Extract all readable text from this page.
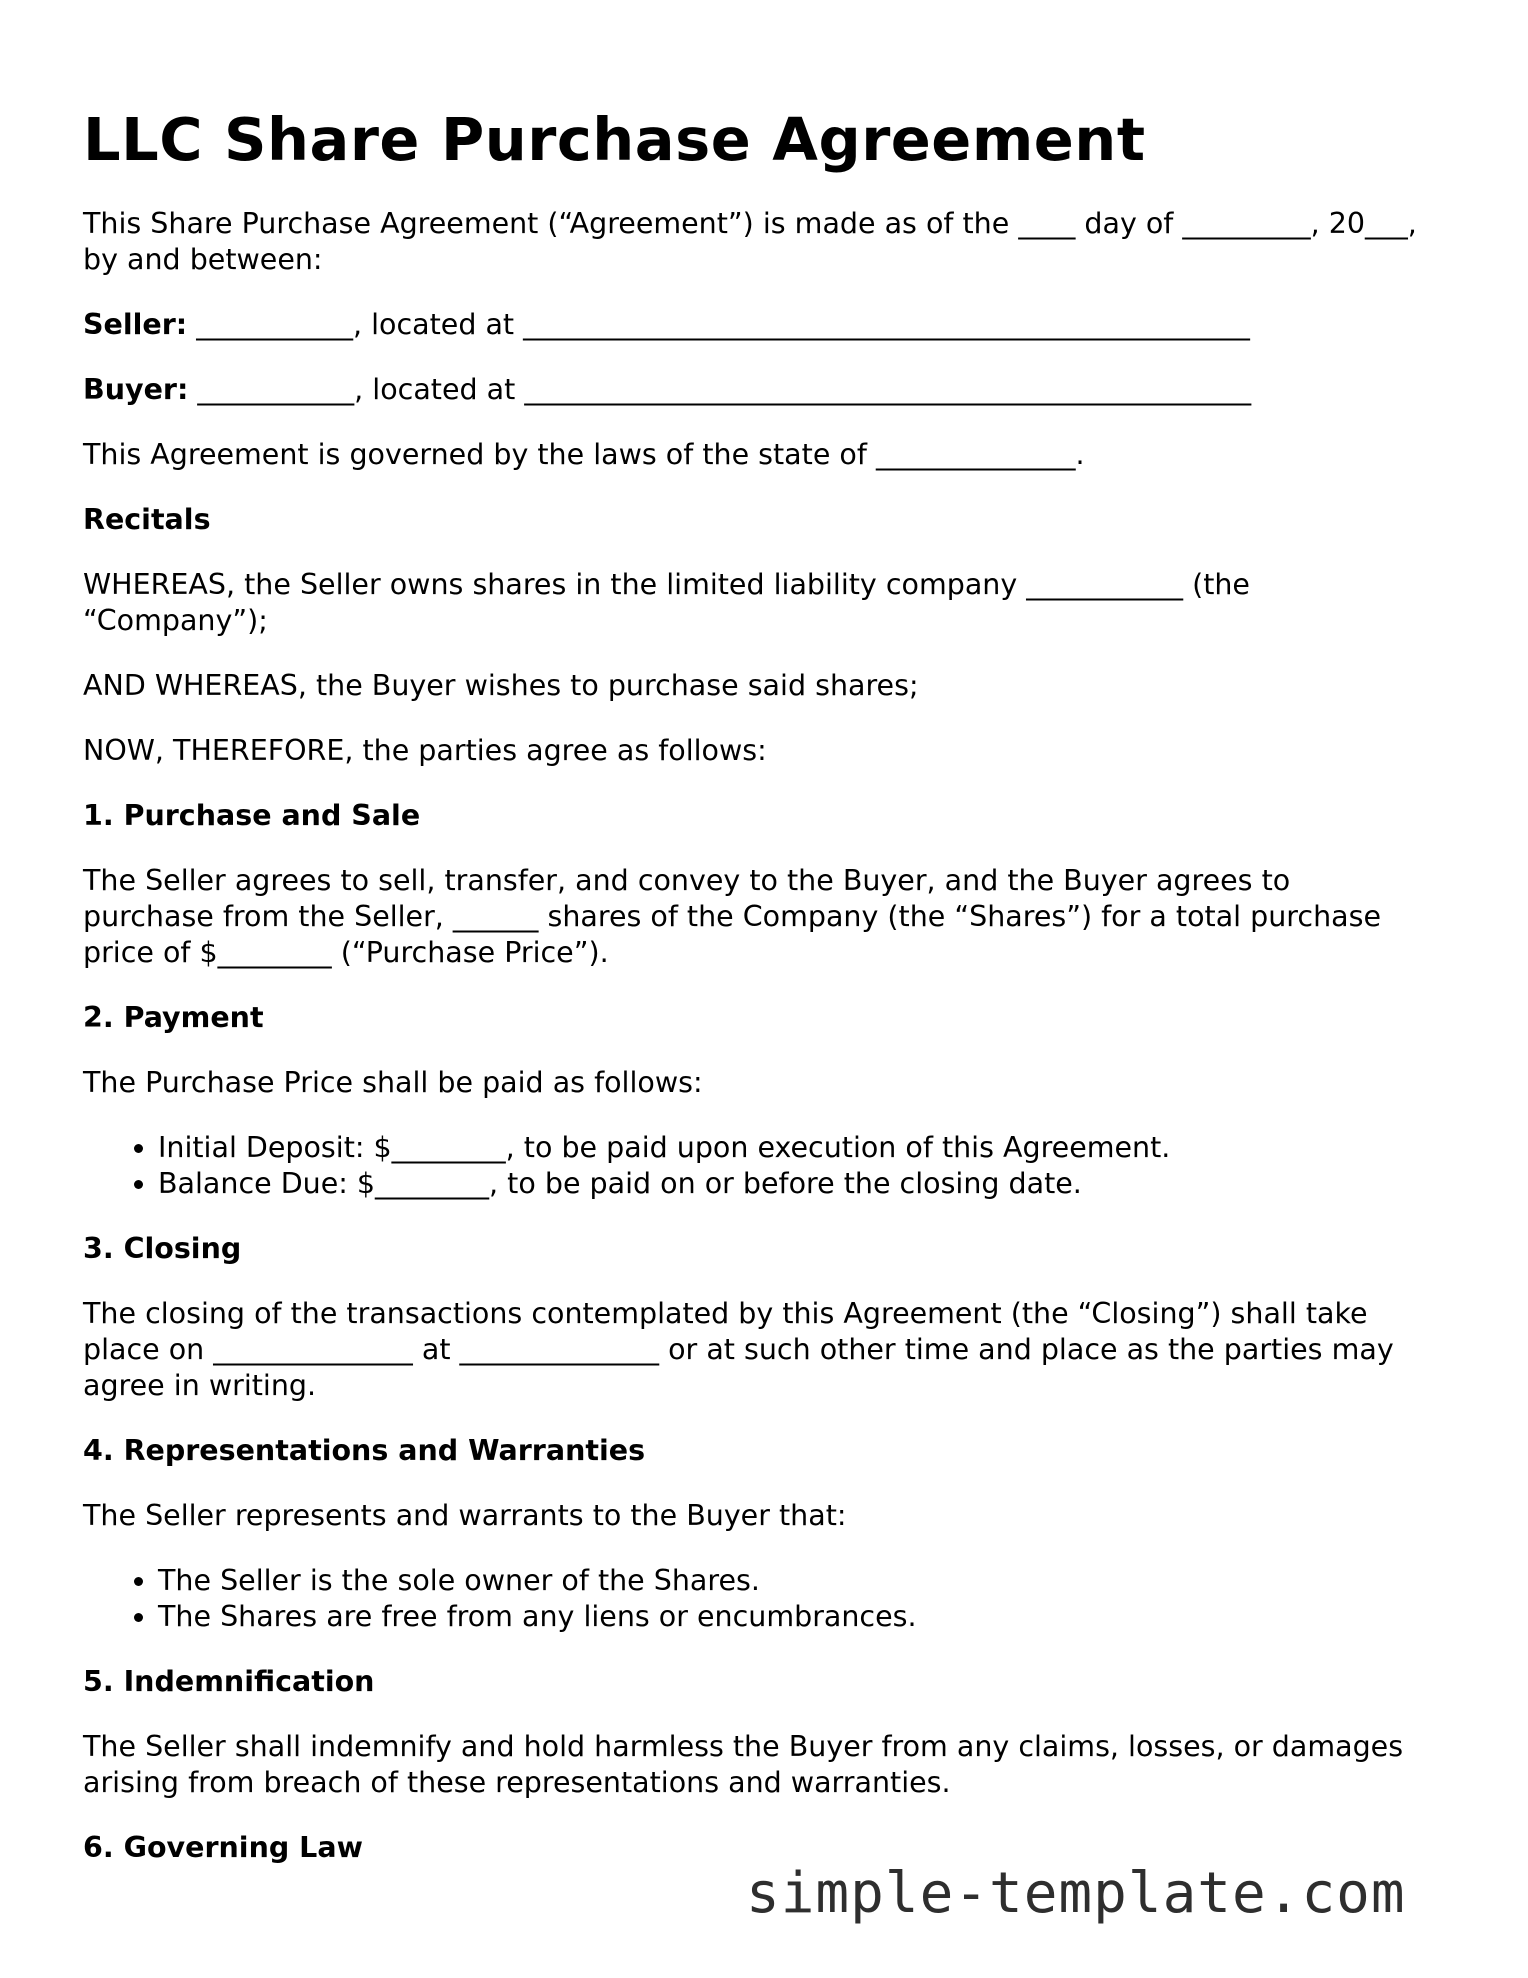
LLC Share Purchase Agreement

This Share Purchase Agreement (“Agreement”) is made as of the ____ day of _________, 20___, by and between:

Seller: ___________, located at ___________________________________________________

Buyer: ___________, located at ___________________________________________________

This Agreement is governed by the laws of the state of ______________.

Recitals

WHEREAS, the Seller owns shares in the limited liability company ___________ (the “Company”);

AND WHEREAS, the Buyer wishes to purchase said shares;

NOW, THEREFORE, the parties agree as follows:

1. Purchase and Sale

The Seller agrees to sell, transfer, and convey to the Buyer, and the Buyer agrees to purchase from the Seller, ______ shares of the Company (the “Shares”) for a total purchase price of $________ (“Purchase Price”).

2. Payment

The Purchase Price shall be paid as follows:

• Initial Deposit: $________, to be paid upon execution of this Agreement.
• Balance Due: $________, to be paid on or before the closing date.
3. Closing

The closing of the transactions contemplated by this Agreement (the “Closing”) shall take place on ______________ at ______________ or at such other time and place as the parties may agree in writing.

4. Representations and Warranties

The Seller represents and warrants to the Buyer that:

• The Seller is the sole owner of the Shares.
• The Shares are free from any liens or encumbrances.
5. Indemnification

The Seller shall indemnify and hold harmless the Buyer from any claims, losses, or damages arising from breach of these representations and warranties.

6. Governing Law
simple-template.com
